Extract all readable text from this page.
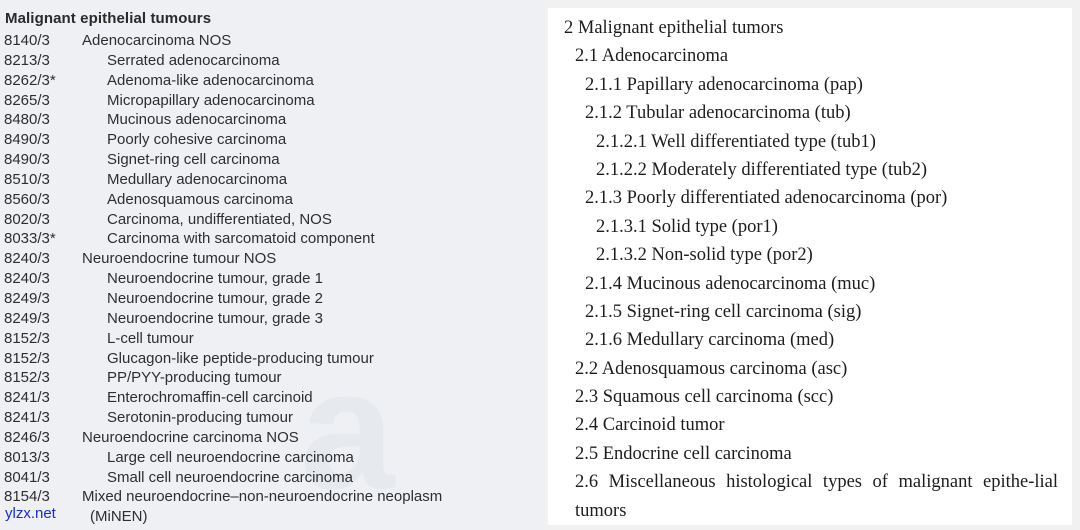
a
Malignant epithelial tumours
8140/3 Adenocarcinoma NOS
8213/3	Serrated adenocarcinoma
8262/3*	Adenoma-like adenocarcinoma
8265/3	Micropapillary adenocarcinoma
8480/3	Mucinous adenocarcinoma
8490/3	Poorly cohesive carcinoma
8490/3	Signet-ring cell carcinoma
8510/3	Medullary adenocarcinoma
8560/3	Adenosquamous carcinoma
8020/3	Carcinoma, undifferentiated, NOS
8033/3*	Carcinoma with sarcomatoid component
8240/3 Neuroendocrine tumour NOS
8240/3	Neuroendocrine tumour, grade 1
8249/3	Neuroendocrine tumour, grade 2
8249/3	Neuroendocrine tumour, grade 3
8152/3	L-cell tumour
8152/3	Glucagon-like peptide-producing tumour
8152/3	PP/PYY-producing tumour
8241/3	Enterochromaffin-cell carcinoid
8241/3	Serotonin-producing tumour
8246/3 Neuroendocrine carcinoma NOS
8013/3	Large cell neuroendocrine carcinoma
8041/3	Small cell neuroendocrine carcinoma
8154/3 Mixed neuroendocrine–non-neuroendocrine neoplasm
(MiNEN)
ylzx.net
2 Malignant epithelial tumors
2.1 Adenocarcinoma
2.1.1 Papillary adenocarcinoma (pap)
2.1.2 Tubular adenocarcinoma (tub)
2.1.2.1 Well differentiated type (tub1)
2.1.2.2 Moderately differentiated type (tub2)
2.1.3 Poorly differentiated adenocarcinoma (por)
2.1.3.1 Solid type (por1)
2.1.3.2 Non-solid type (por2)
2.1.4 Mucinous adenocarcinoma (muc)
2.1.5 Signet-ring cell carcinoma (sig)
2.1.6 Medullary carcinoma (med)
2.2 Adenosquamous carcinoma (asc)
2.3 Squamous cell carcinoma (scc)
2.4 Carcinoid tumor
2.5 Endocrine cell carcinoma
2.6 Miscellaneous histological types of malignant epithe-lial tumors
